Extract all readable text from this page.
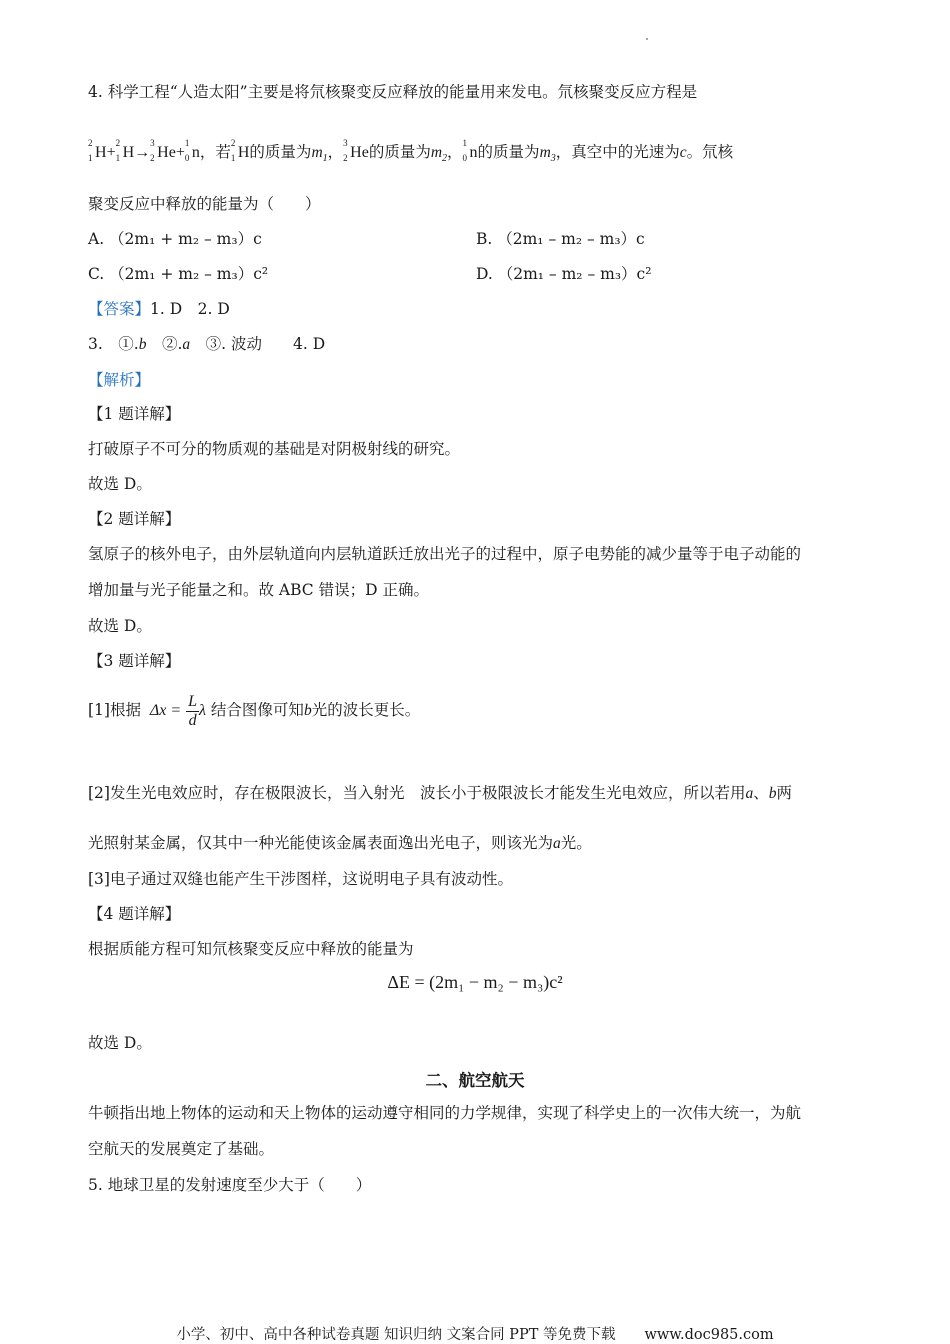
4. 科学工程“人造太阳”主要是将氘核聚变反应释放的能量用来发电。氘核聚变反应方程是
2
1 H+
2
1 H→
3
2 He+
1
0 n，若 2
1 H的质量为$m_1$， 3
2 He的质量为$m_2$， 1
0 n的质量为$m_3$，真空中的光速为c。氘核
聚变反应中释放的能量为（　　）
A. （2m₁ + m₂ – m₃）c	B. （2m₁ – m₂ – m₃）c
C. （2m₁ + m₂ – m₃）c²	D. （2m₁ – m₂ – m₃）c²
【答案】1. D　2. D
3.　①.b　②.a　③. 波动　　4. D
【解析】
【1 题详解】
打破原子不可分的物质观的基础是对阴极射线的研究。
故选 D。
【2 题详解】
氢原子的核外电子，由外层轨道向内层轨道跃迁放出光子的过程中，原子电势能的减少量等于电子动能的
增加量与光子能量之和。故 ABC 错误；D 正确。
故选 D。
【3 题详解】
[1]根据 $\Delta x = \frac{L}{d}$ λ 结合图像可知b光的波长更长。
[2]发生光电效应时，存在极限波长，当入射光　波长小于极限波长才能发生光电效应，所以若用a、b两
光照射某金属，仅其中一种光能使该金属表面逸出光电子，则该光为a光。
[3]电子通过双缝也能产生干涉图样，这说明电子具有波动性。
【4 题详解】
根据质能方程可知氘核聚变反应中释放的能量为
ΔE = (2m₁ − m₂ − m₃)c²
故选 D。
二、航空航天
牛顿指出地上物体的运动和天上物体的运动遵守相同的力学规律，实现了科学史上的一次伟大统一，为航
空航天的发展奠定了基础。
5. 地球卫星的发射速度至少大于（　　）
小学、初中、高中各种试卷真题 知识归纳 文案合同 PPT 等免费下载　　www.doc985.com
